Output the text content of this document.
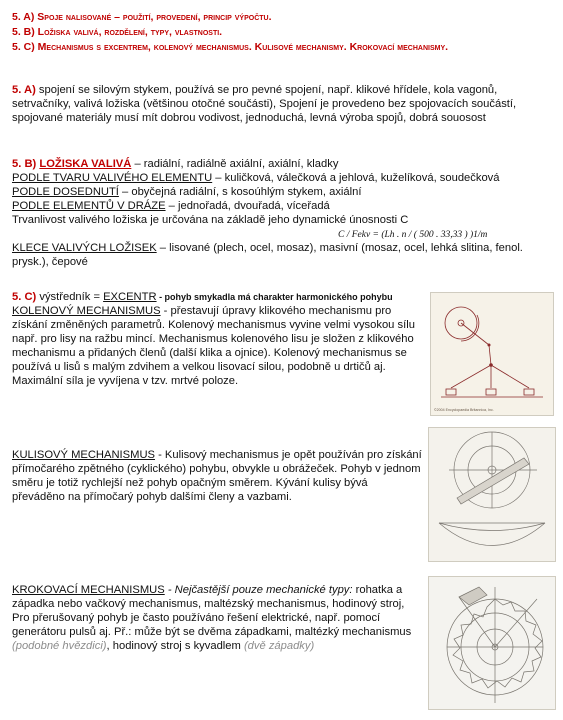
5. A) Spoje nalisované – použití, provedení, princip výpočtu.
5. B) Ložiska valivá, rozdělení, typy, vlastnosti.
5. C) Mechanismus s excentrem, kolenový mechanismus. Kulisové mechanismy. Krokovací mechanismy.
5. A) spojení se silovým stykem, používá se pro pevné spojení, např. klikové hřídele, kola vagonů, setrvačníky, valivá ložiska (většinou otočné součásti), Spojení je provedeno bez spojovacích součástí, spojované materiály musí mít dobrou vodivost, jednoduchá, levná výroba spojů, dobrá souosost
5. B) LOŽISKA VALIVÁ – radiální, radiálně axiální, axiální, kladky
PODLE TVARU VALIVÉHO ELEMENTU – kuličková, válečková a jehlová, kuželíková, soudečková
PODLE DOSEDNUTÍ – obyčejná radiální, s kosoúhlým stykem, axiální
PODLE ELEMENTŮ V DRÁZE – jednořadá, dvouřadá, víceřadá
Trvanlivost valivého ložiska je určována na základě jeho dynamické únosnosti C
KLECE VALIVÝCH LOŽISEK – lisované (plech, ocel, mosaz), masivní (mosaz, ocel, lehká slitina, fenol. prysk.), čepové
C / Fekv = (Lh . n / ( 500 . 33,33 ) )1/m
5. C) výstředník = EXCENTR - pohyb smykadla má charakter harmonického pohybu
KOLENOVÝ MECHANISMUS - přestavují úpravy klikového mechanismu pro získání změněných parametrů. Kolenový mechanismus vyvine velmi vysokou sílu např. pro lisy na ražbu mincí. Mechanismus kolenového lisu je složen z klikového mechanismu a přidaných členů (další klika a ojnice). Kolenový mechanismus se používá u lisů s malým zdvihem a velkou lisovací silou, podobně u drtičů aj. Maximální síla je vyvíjena v tzv. mrtvé poloze.
©2004 Encyclopaedia Britannica, Inc.
KULISOVÝ MECHANISMUS - Kulisový mechanismus je opět používán pro získání přímočarého zpětného (cyklického) pohybu, obvykle u obrážeček. Pohyb v jednom směru je totiž rychlejší než pohyb opačným směrem. Kývání kulisy bývá převáděno na přímočarý pohyb dalšími členy a vazbami.
KROKOVACÍ MECHANISMUS - Nejčastější pouze mechanické typy: rohatka a západka nebo vačkový mechanismus, maltézský mechanismus, hodinový stroj, Pro přerušovaný pohyb je často používáno řešení elektrické, např. pomocí generátoru pulsů aj. Př.: může být se dvěma západkami, maltézký mechanismus (podobné hvězdici), hodinový stroj s kyvadlem (dvě západky)
